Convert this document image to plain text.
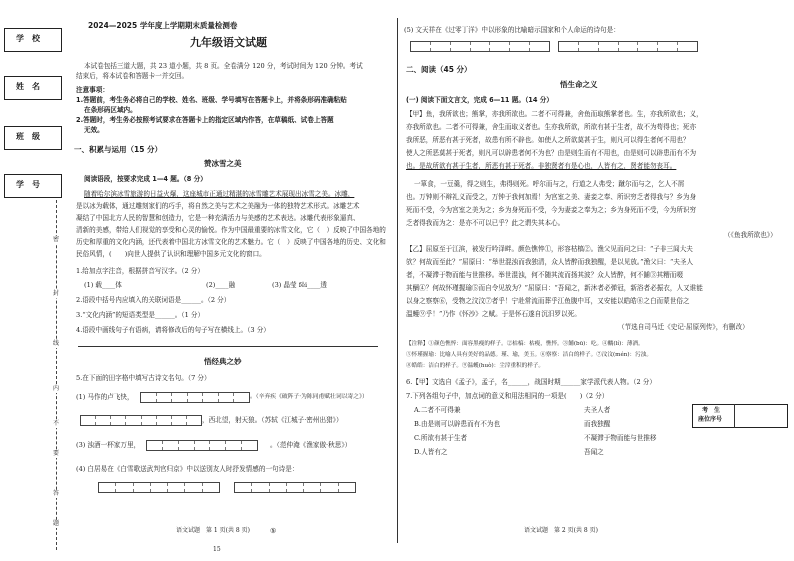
学　校
姓　名
班　级
学　号
密
封
线
内
不
要
答
题
2024—2025 学年度上学期期末质量检测卷
九年级语文试题
本试卷包括三道大题，共 23 道小题，共 8 页。全卷满分 120 分，考试时间为 120 分钟。考试
结束后，将本试卷和答题卡一并交回。
注意事项：
1.答题前，考生务必将自己的学校、姓名、班级、学号填写在答题卡上，并将条形码准确粘贴
在条形码区域内。
2.答题时，考生务必按照考试要求在答题卡上的指定区域内作答，在草稿纸、试卷上答题
无效。
一、积累与运用（15 分）
赞冰雪之美
阅读语段，按要求完成 1—4 题。（8 分）
随着哈尔滨冰雪旅游的日益火爆，这座城市正通过精湛的冰雪雕艺术展现出冰雪之美。冰雕，
是以冰为载体，通过雕刻家们的巧手，将自然之美与艺术之美融为一体的独特艺术形式。冰雕艺术
凝结了中国北方人民的智慧和创造力，它是一种充满活力与美感的艺术表达。冰雕代表形象逼真、
清新的美感，带给人们视觉的享受和心灵的愉悦。作为中国最重要的冰雪文化，它（　）反映了中国各地的
历史和厚重的文化内涵，还代表着中国北方冰雪文化的艺术魅力。它（　）反映了中国各地的历史、文化和
民俗风情，(　　)向世人提供了认识和理解中国多元文化的窗口。
1.给加点字注音，根据拼音写汉字。（2 分）
(1) 载____体	(2)____融	(3) 晶莹 fěi____透
2.语段中括号内应填入的关联词语是______。（2 分）
3.“文化内涵”的短语类型是______。（1 分）
4.语段中画线句子有语病，请将修改后的句子写在横线上。（3 分）
悟经典之妙
5.在下面的田字格中填写古诗文名句。（7 分）
(1) 马作的卢飞快，	。（辛弃疾《破阵子·为陈同甫赋壮词以寄之》）
，西北望，射天狼。（苏轼《江城子·密州出猎》）
(3) 浊酒一杯家万里，	。（范仲淹《渔家傲·秋思》）
(4) 白居易在《白雪歌送武判官归京》中以送别友人时抒发情感的一句诗是：
语文试题　第 1 页(共 8 页)	⑤
15
(5) 文天祥在《过零丁洋》中以形象的比喻暗示国家和个人命运的诗句是：
二、阅读（45 分）
悟生命之义
(一) 阅读下面文言文，完成 6—11 题。（14 分）
【甲】鱼，我所欲也；熊掌，亦我所欲也。二者不可得兼，舍鱼而取熊掌者也。生，亦我所欲也；义，
亦我所欲也。二者不可得兼，舍生而取义者也。生亦我所欲，所欲有甚于生者，故不为苟得也；死亦
我所恶，所恶有甚于死者，故患有所不辟也。如使人之所欲莫甚于生，则凡可以得生者何不用也？
使人之所恶莫甚于死者，则凡可以辟患者何不为也？由是则生而有不用也，由是则可以辟患而有不为
也。是故所欲有甚于生者，所恶有甚于死者。非独贤者有是心也，人皆有之，贤者能勿丧耳。
一箪食，一豆羹，得之则生，弗得则死。呼尔而与之，行道之人弗受；蹴尔而与之，乞人不屑
也。万钟则不辩礼义而受之，万钟于我何加焉！为宫室之美、妻妾之奉、所识穷乏者得我与？乡为身
死而不受，今为宫室之美为之；乡为身死而不受，今为妻妾之奉为之；乡为身死而不受，今为所识穷
乏者得我而为之：是亦不可以已乎？此之谓失其本心。
（《鱼我所欲也》）
【乙】屈原至于江滨，被发行吟泽畔。颜色憔悴①，形容枯槁②。渔父见而问之曰：“子非三闾大夫
欤？何故而至此？”屈原曰：“举世混浊而我独清，众人皆醉而我独醒，是以见放。”渔父曰：“夫圣人
者，不凝滞于物而能与世推移。举世混浊，何不随其流而扬其波？众人皆醉，何不餔③其糟而啜
其醨④？何故怀瑾握瑜⑤而自令见放为？”屈原曰：“吾闻之，新沐者必弹冠，新浴者必振衣，人又谁能
以身之察察⑥，受物之汶汶⑦者乎！宁赴常流而葬乎江鱼腹中耳，又安能以皓皓⑧之白而蒙世俗之
温蠖⑨乎！”乃作《怀沙》之赋。于是怀石遂自沉汨罗以死。
（节选自司马迁《史记·屈原列传》，有删改）
【注释】①颜色憔悴：面容黑瘦的样子。②枯槁：枯瘦，憔悴。③餔(bū)：吃。④醨(lí)：薄酒。
⑤怀瑾握瑜：比喻人具有美好的品德。瑾、瑜，美玉。⑥察察：洁白的样子。⑦汶汶(mén)：污浊。
⑧皓皓：洁白的样子。⑨温蠖(huò)：尘滓重积的样子。
6.【甲】文选自《孟子》，孟子，名______，战国时期______家学派代表人物。（2 分）
7.下列各组句子中，加点词的意义和用法相同的一项是(　　)（2 分）
A.二者不可得兼	夫圣人者
B.由是则可以辟患而有不为也	而我独醒
C.所欲有甚于生者	不凝滞于物而能与世推移
D.人皆有之	吾闻之
考　生
座位序号
语文试题　第 2 页(共 8 页)
